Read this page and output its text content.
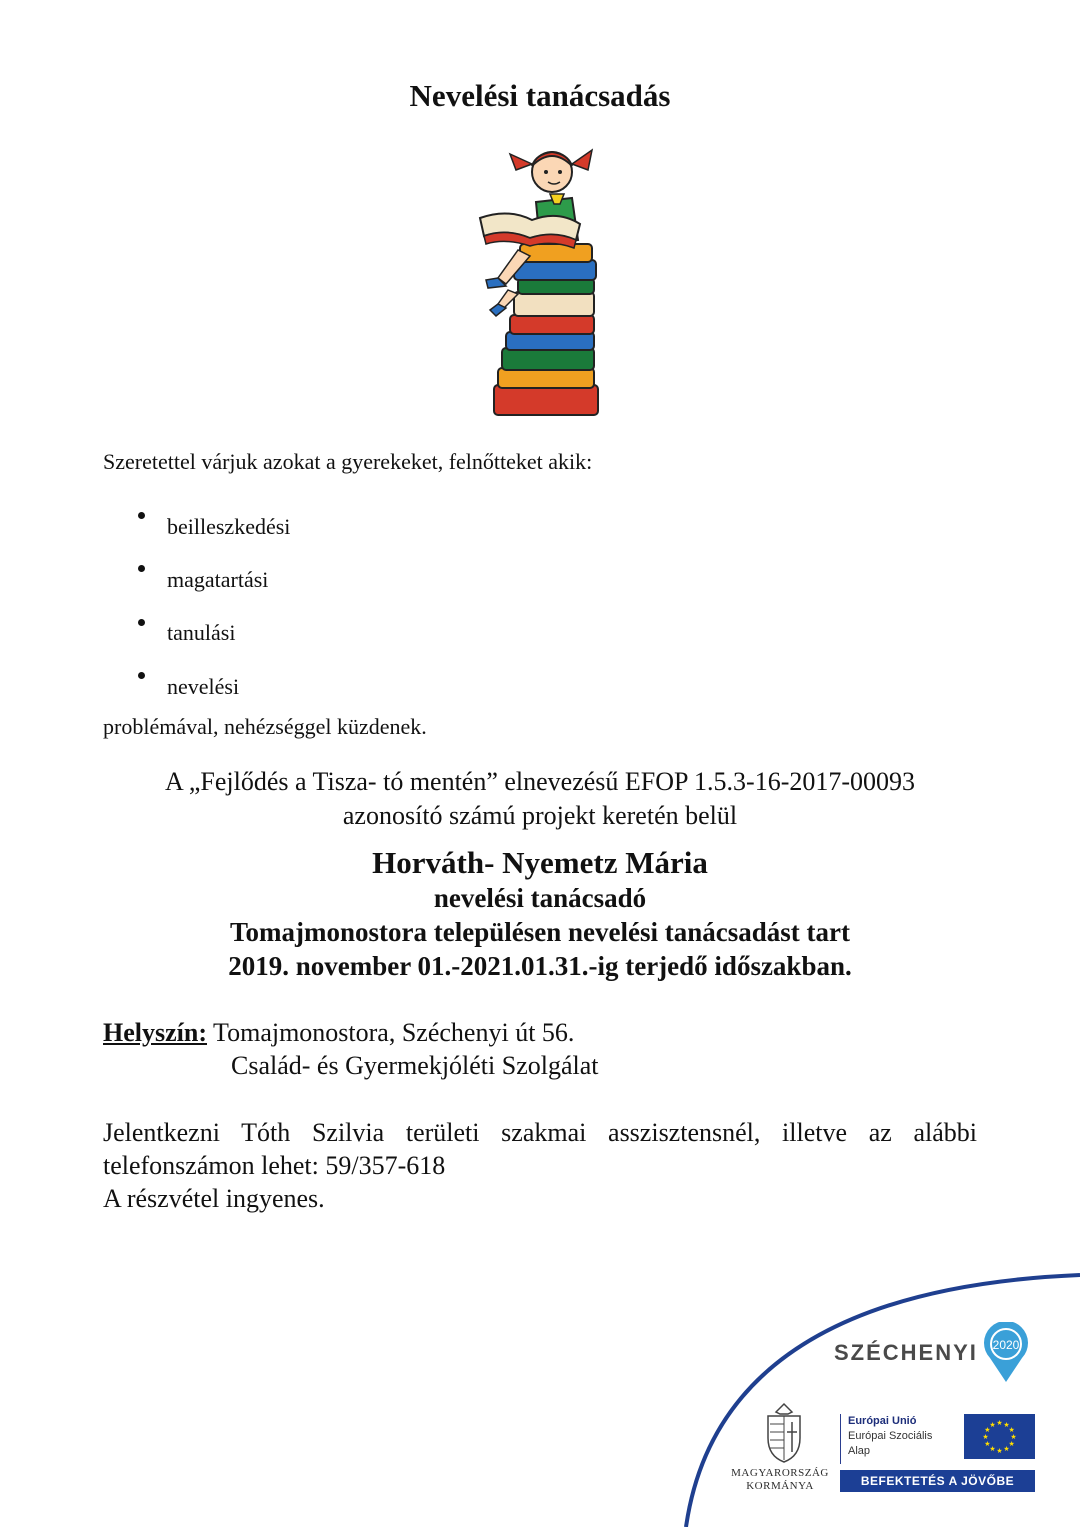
Nevelési tanácsadás
Szeretettel várjuk azokat a gyerekeket, felnőtteket akik:
beilleszkedési
magatartási
tanulási
nevelési
problémával, nehézséggel küzdenek.
A „Fejlődés a Tisza- tó mentén” elnevezésű EFOP 1.5.3-16-2017-00093
azonosító számú projekt keretén belül
Horváth- Nyemetz Mária
nevelési tanácsadó
Tomajmonostora településen nevelési tanácsadást tart
2019. november 01.-2021.01.31.-ig terjedő időszakban.
Helyszín: Tomajmonostora, Széchenyi út 56.
Család- és Gyermekjóléti Szolgálat
Jelentkezni Tóth Szilvia területi szakmai asszisztensnél, illetve az alábbi
telefonszámon lehet: 59/357-618
A részvétel ingyenes.
SZÉCHENYI 2020
MAGYARORSZÁG
KORMÁNYA
Európai Unió
Európai Szociális
Alap
★ ★
★
★
★
★
★
★
★
★
★
★
BEFEKTETÉS A JÖVŐBE
